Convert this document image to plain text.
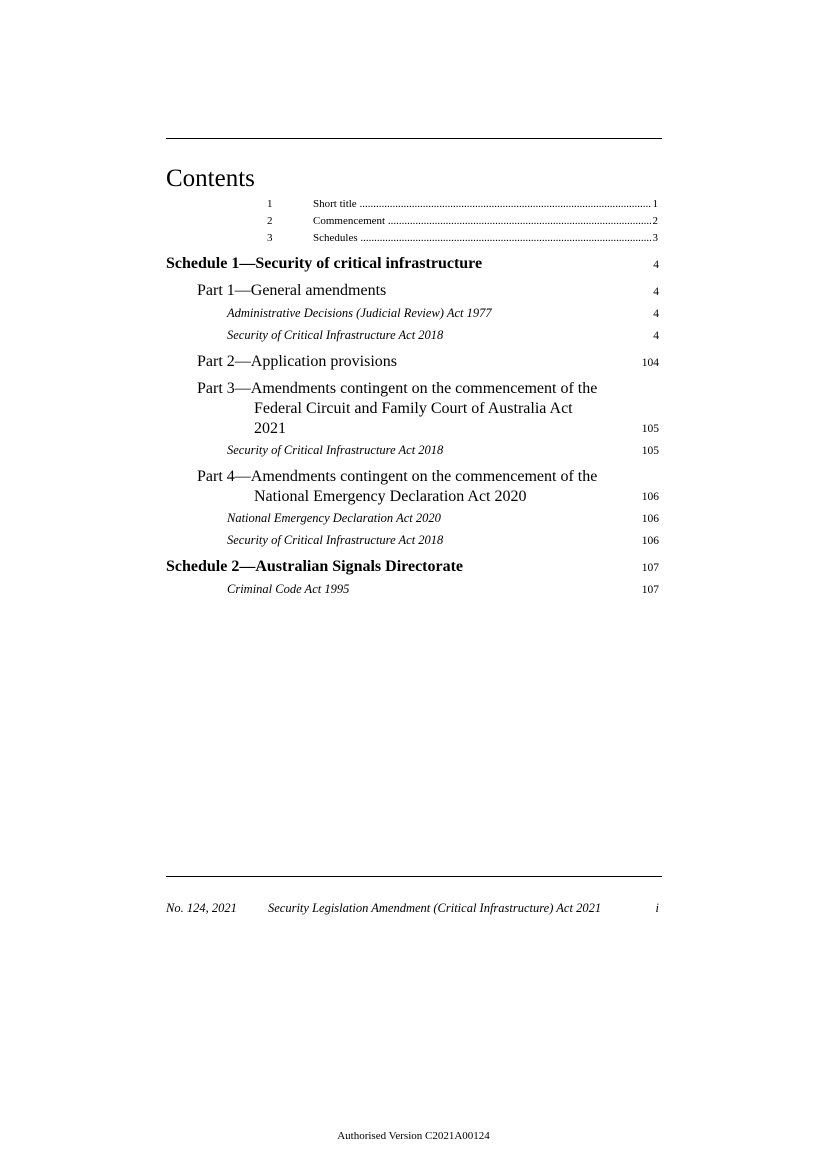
Contents
1	Short title .....	1
2	Commencement .....	2
3	Schedules .....	3
Schedule 1—Security of critical infrastructure	4
Part 1—General amendments	4
Administrative Decisions (Judicial Review) Act 1977	4
Security of Critical Infrastructure Act 2018	4
Part 2—Application provisions	104
Part 3—Amendments contingent on the commencement of the
Federal Circuit and Family Court of Australia Act
2021	105
Security of Critical Infrastructure Act 2018	105
Part 4—Amendments contingent on the commencement of the
National Emergency Declaration Act 2020	106
National Emergency Declaration Act 2020	106
Security of Critical Infrastructure Act 2018	106
Schedule 2—Australian Signals Directorate	107
Criminal Code Act 1995	107
No. 124, 2021 Security Legislation Amendment (Critical Infrastructure) Act 2021	i
Authorised Version C2021A00124
